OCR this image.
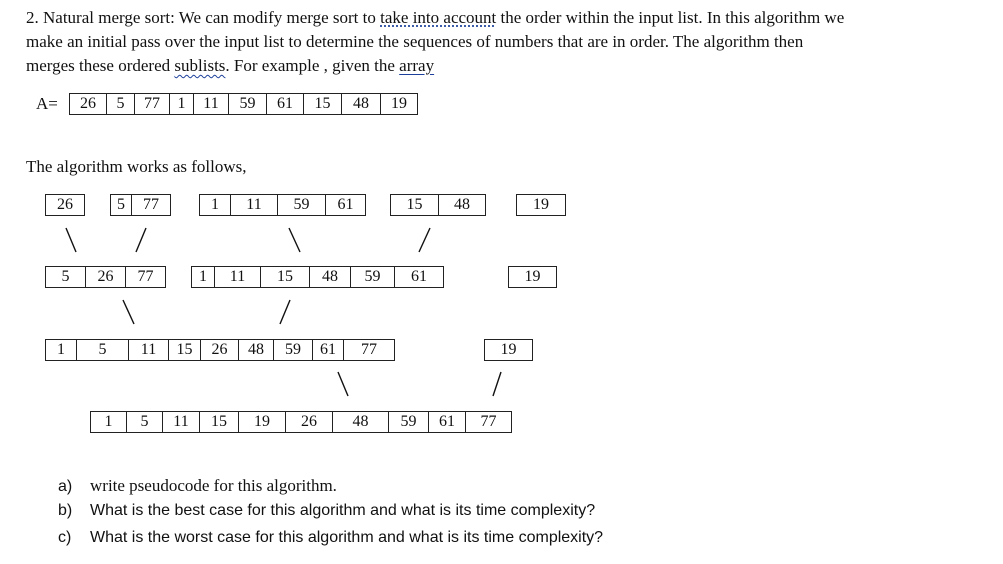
2. Natural merge sort: We can modify merge sort to take into account the order within the input list. In this algorithm we
make an initial pass over the input list to determine the sequences of numbers that are in order. The algorithm then
merges these ordered sublists. For example , given the array
A=	26	5	77	1	11	59	61	15	48	19
The algorithm works as follows,
26	5	77	1	11	59	61	15	48	19
5	26	77	1	11	15	48	59	61	19
1	5	11	15	26	48	59	61	77	19
1	5	11	15	19	26	48	59	61	77
a) write pseudocode for this algorithm.
b) What is the best case for this algorithm and what is its time complexity?
c) What is the worst case for this algorithm and what is its time complexity?
